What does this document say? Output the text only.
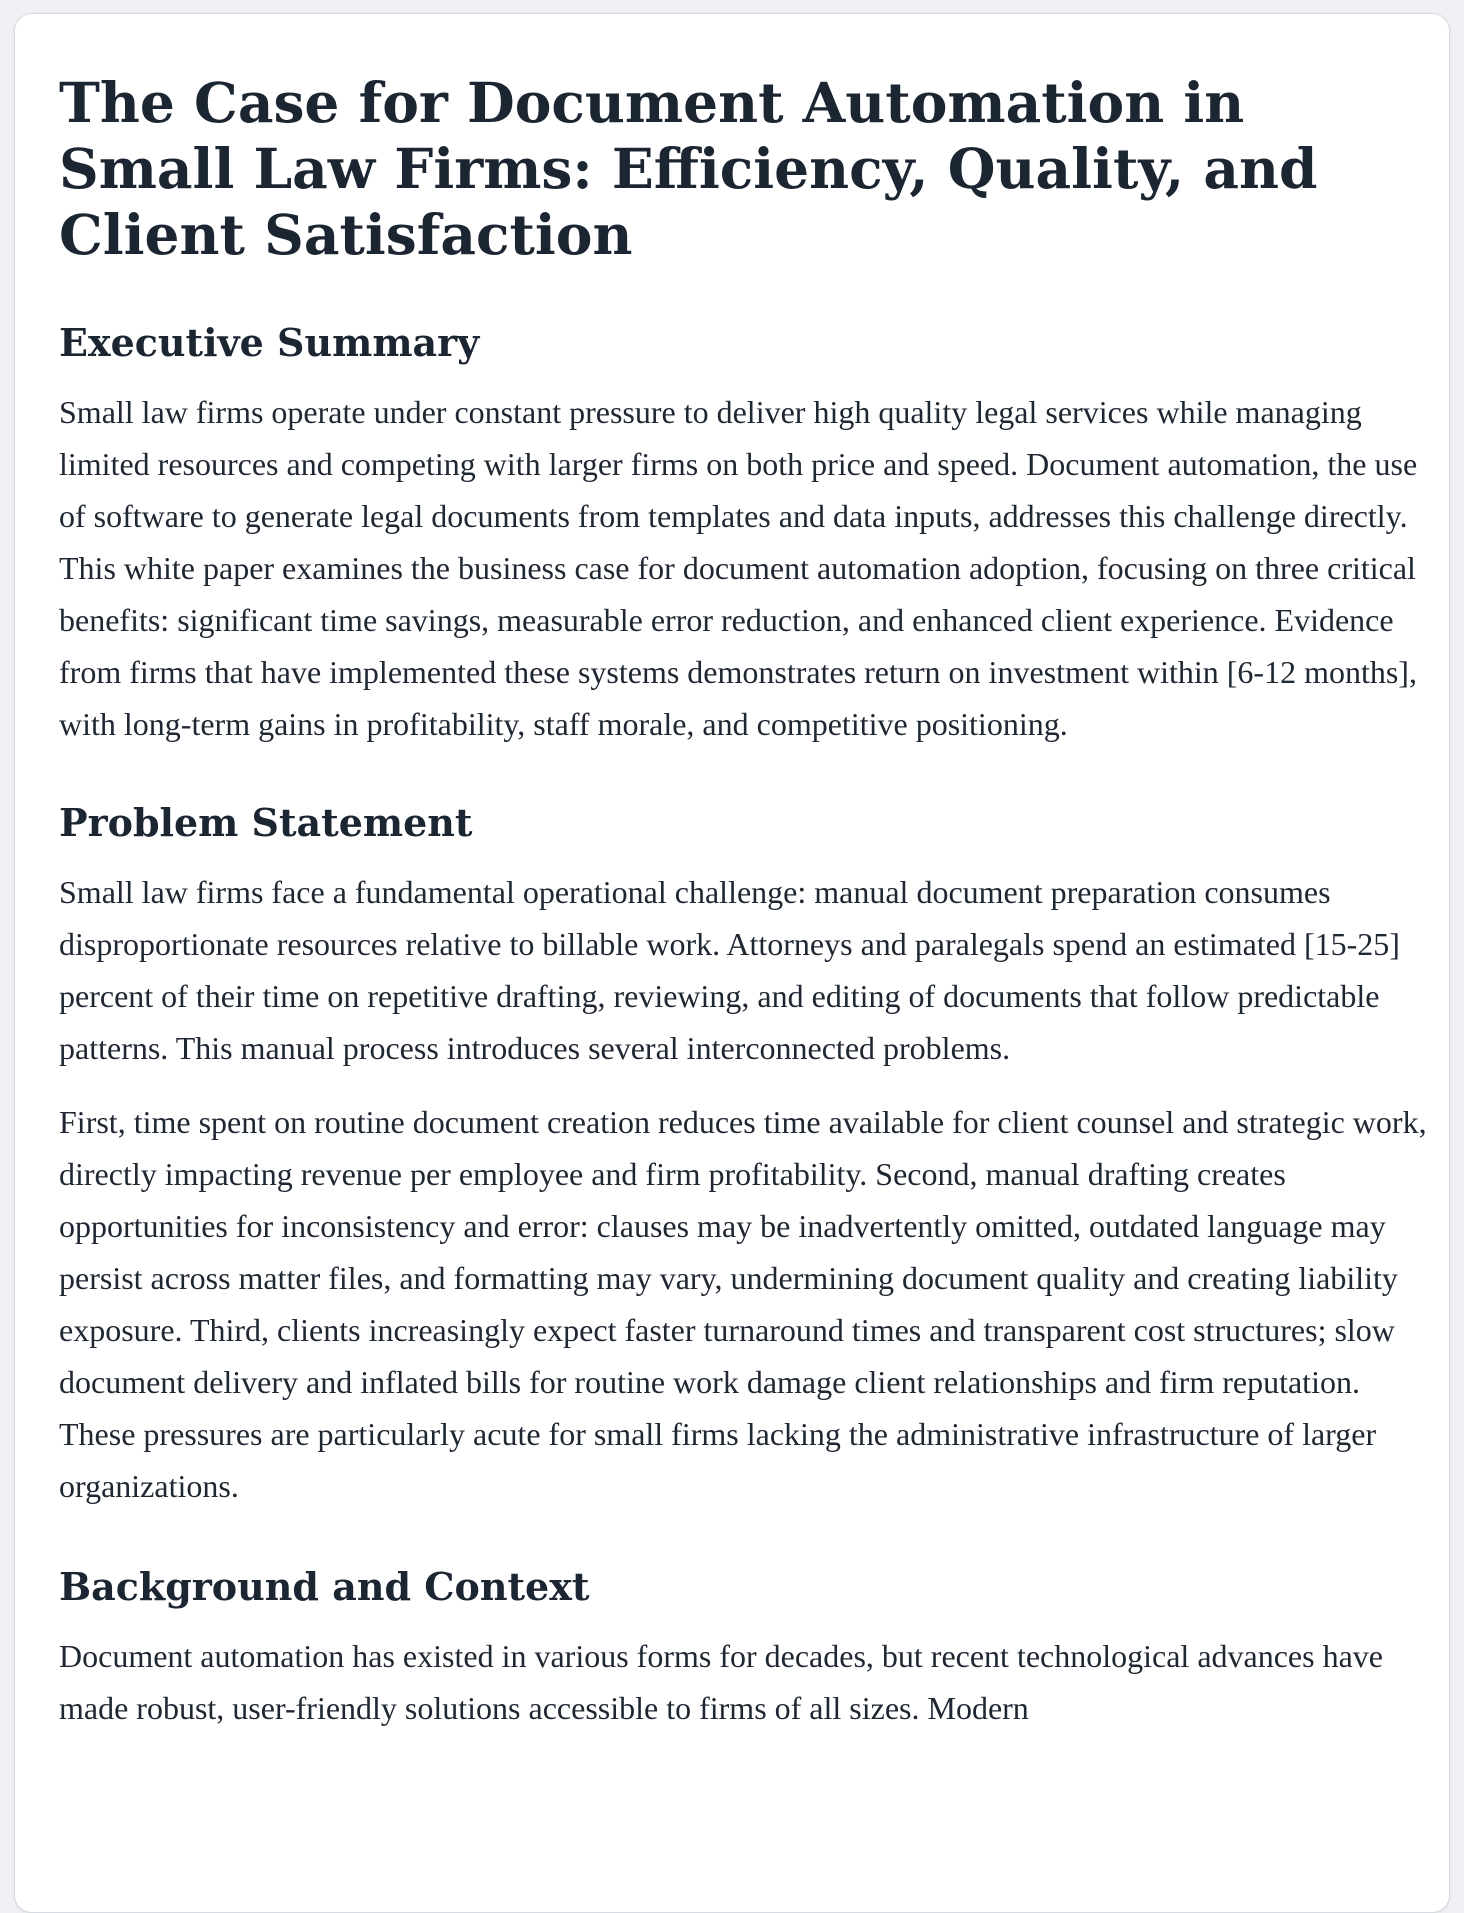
The Case for Document Automation in Small Law Firms: Efficiency, Quality, and Client Satisfaction
Executive Summary

Small law firms operate under constant pressure to deliver high quality legal services while managing limited resources and competing with larger firms on both price and speed. Document automation, the use of software to generate legal documents from templates and data inputs, addresses this challenge directly. This white paper examines the business case for document automation adoption, focusing on three critical benefits: significant time savings, measurable error reduction, and enhanced client experience. Evidence from firms that have implemented these systems demonstrates return on investment within [6-12 months], with long-term gains in profitability, staff morale, and competitive positioning.

Problem Statement

Small law firms face a fundamental operational challenge: manual document preparation consumes disproportionate resources relative to billable work. Attorneys and paralegals spend an estimated [15-25] percent of their time on repetitive drafting, reviewing, and editing of documents that follow predictable patterns. This manual process introduces several interconnected problems.

First, time spent on routine document creation reduces time available for client counsel and strategic work, directly impacting revenue per employee and firm profitability. Second, manual drafting creates opportunities for inconsistency and error: clauses may be inadvertently omitted, outdated language may persist across matter files, and formatting may vary, undermining document quality and creating liability exposure. Third, clients increasingly expect faster turnaround times and transparent cost structures; slow document delivery and inflated bills for routine work damage client relationships and firm reputation. These pressures are particularly acute for small firms lacking the administrative infrastructure of larger organizations.

Background and Context

Document automation has existed in various forms for decades, but recent technological advances have made robust, user-friendly solutions accessible to firms of all sizes. Modern
